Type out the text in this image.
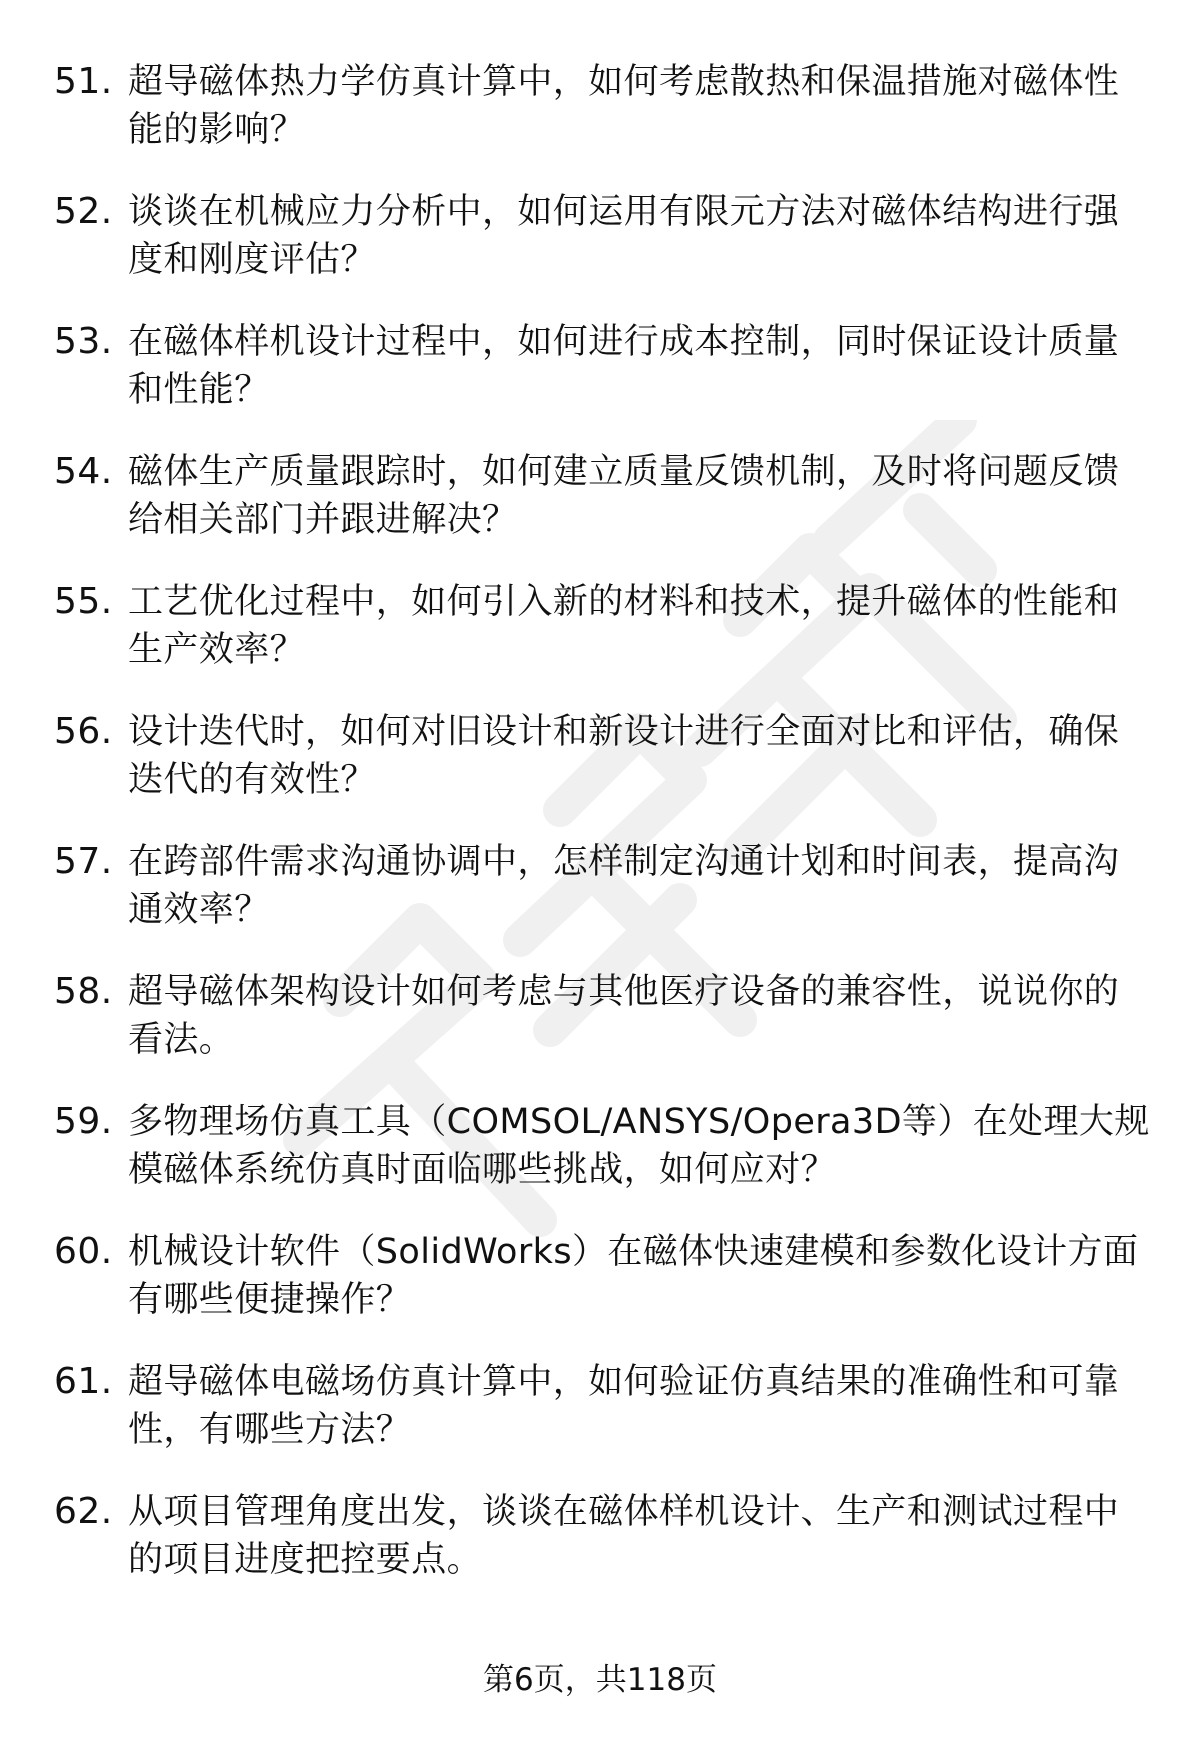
51. 超导磁体热力学仿真计算中，如何考虑散热和保温措施对磁体性能的影响？
52. 谈谈在机械应力分析中，如何运用有限元方法对磁体结构进行强度和刚度评估？
53. 在磁体样机设计过程中，如何进行成本控制，同时保证设计质量和性能？
54. 磁体生产质量跟踪时，如何建立质量反馈机制，及时将问题反馈给相关部门并跟进解决？
55. 工艺优化过程中，如何引入新的材料和技术，提升磁体的性能和生产效率？
56. 设计迭代时，如何对旧设计和新设计进行全面对比和评估，确保迭代的有效性？
57. 在跨部件需求沟通协调中，怎样制定沟通计划和时间表，提高沟通效率？
58. 超导磁体架构设计如何考虑与其他医疗设备的兼容性，说说你的看法。
59. 多物理场仿真工具（COMSOL/ANSYS/Opera3D等）在处理大规模磁体系统仿真时面临哪些挑战，如何应对？
60. 机械设计软件（SolidWorks）在磁体快速建模和参数化设计方面有哪些便捷操作？
61. 超导磁体电磁场仿真计算中，如何验证仿真结果的准确性和可靠性，有哪些方法？
62. 从项目管理角度出发，谈谈在磁体样机设计、生产和测试过程中的项目进度把控要点。
第6页，共118页
